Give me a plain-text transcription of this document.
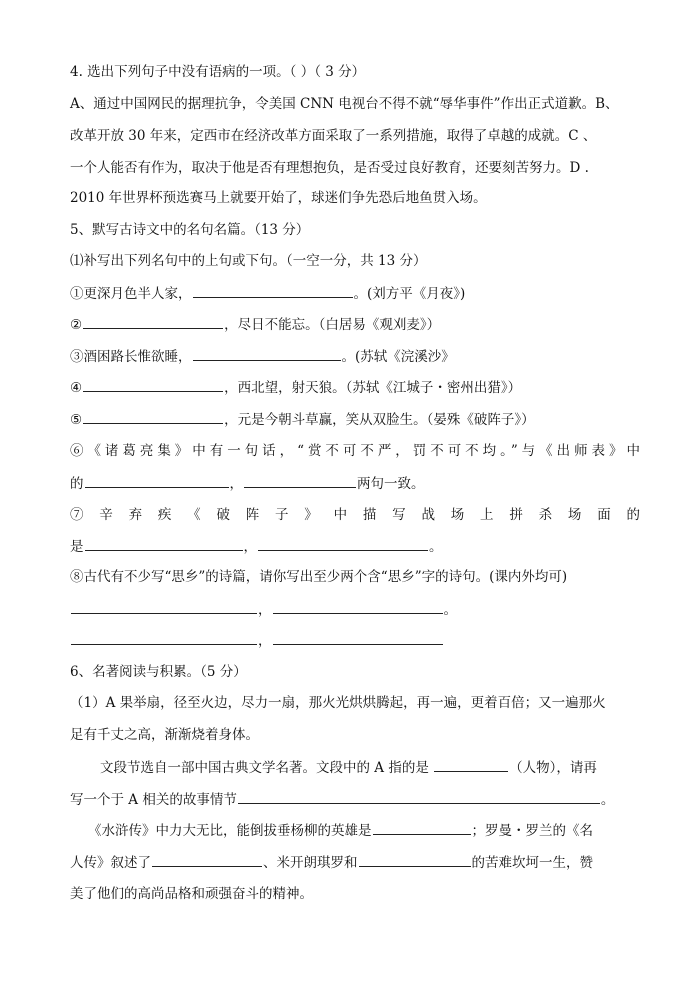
4. 选出下列句子中没有语病的一项。（ ）（ 3 分）
A、通过中国网民的据理抗争，令美国 CNN 电视台不得不就“辱华事件”作出正式道歉。B、
改革开放 30 年来，定西市在经济改革方面采取了一系列措施，取得了卓越的成就。C 、
一个人能否有作为，取决于他是否有理想抱负，是否受过良好教育，还要刻苦努力。D .
2010 年世界杯预选赛马上就要开始了，球迷们争先恐后地鱼贯入场。
5、默写古诗文中的名句名篇。（13 分）
⑴补写出下列名句中的上句或下句。（一空一分，共 13 分）
①更深月色半人家，	。(刘方平《月夜》)
②	，尽日不能忘。（白居易《观刈麦》）
③酒困路长惟欲睡，	。(苏轼《浣溪沙》
④	，西北望，射天狼。（苏轼《江城子・密州出猎》）
⑤	，元是今朝斗草赢，笑从双脸生。（晏殊《破阵子》）
⑥《诸葛亮集》中有一句话，“赏不可不严，罚不可不均。”与《出师表》中
的	，	两句一致。
⑦ 辛 弃 疾 《 破 阵 子 》 中 描 写 战 场 上 拼 杀 场 面 的
是	，	。
⑧古代有不少写“思乡”的诗篇，请你写出至少两个含“思乡”字的诗句。(课内外均可)
，	。
，
6、名著阅读与积累。（5 分）
（1）A 果举扇，径至火边，尽力一扇，那火光烘烘腾起，再一遍，更着百倍；又一遍那火
足有千丈之高，渐渐烧着身体。
文段节选自一部中国古典文学名著。文段中的 A 指的是	（人物），请再
写一个于 A 相关的故事情节	。
《水浒传》中力大无比，能倒拔垂杨柳的英雄是	；罗曼・罗兰的《名
人传》叙述了	、米开朗琪罗和	的苦难坎坷一生，赞
美了他们的高尚品格和顽强奋斗的精神。
